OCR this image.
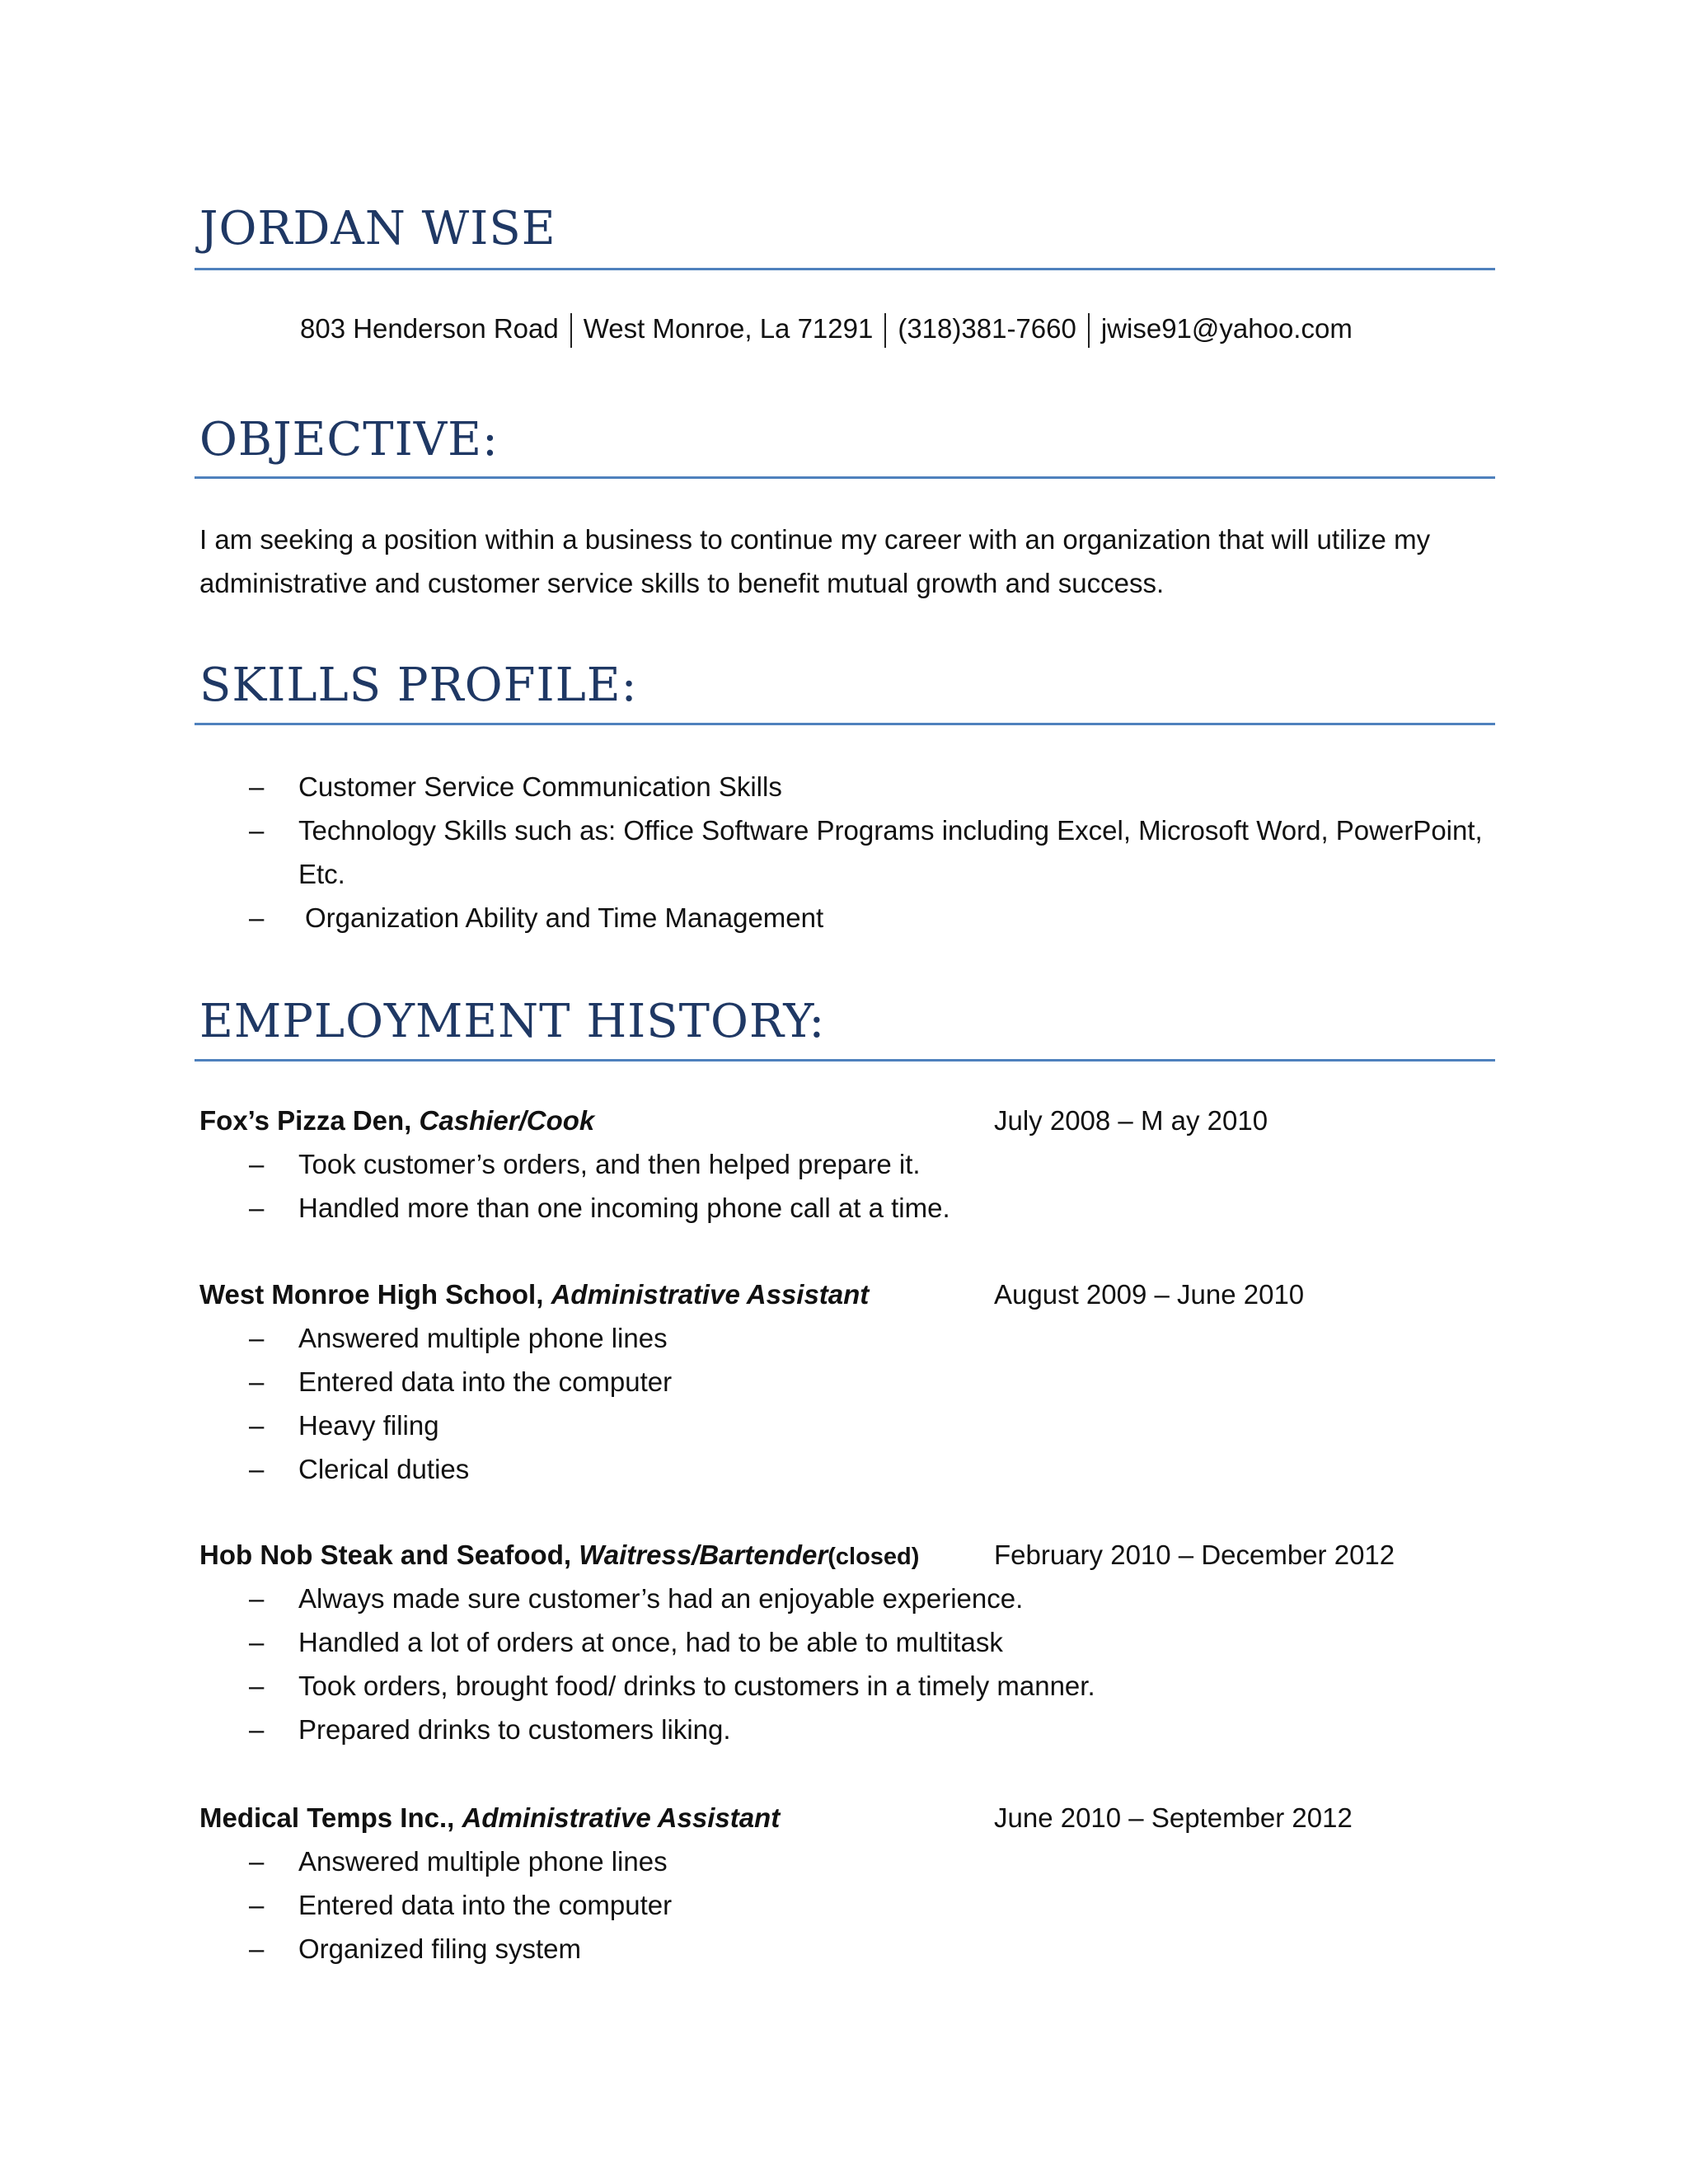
JORDAN WISE
803 Henderson Road West Monroe, La 71291 (318)381-7660 jwise91@yahoo.com
OBJECTIVE:

I am seeking a position within a business to continue my career with an organization that will utilize my administrative and customer service skills to benefit mutual growth and success.

SKILLS PROFILE:
– Customer Service Communication Skills
– Technology Skills such as: Office Software Programs including Excel, Microsoft Word, PowerPoint, Etc.
– Organization Ability and Time Management
EMPLOYMENT HISTORY:
Fox’s Pizza Den, Cashier/Cook	July 2008 – M ay 2010
– Took customer’s orders, and then helped prepare it.
– Handled more than one incoming phone call at a time.
West Monroe High School, Administrative Assistant	August 2009 – June 2010
– Answered multiple phone lines
– Entered data into the computer
– Heavy filing
– Clerical duties
Hob Nob Steak and Seafood, Waitress/Bartender(closed)	February 2010 – December 2012
– Always made sure customer’s had an enjoyable experience.
– Handled a lot of orders at once, had to be able to multitask
– Took orders, brought food/ drinks to customers in a timely manner.
– Prepared drinks to customers liking.
Medical Temps Inc., Administrative Assistant	June 2010 – September 2012
– Answered multiple phone lines
– Entered data into the computer
– Organized filing system
